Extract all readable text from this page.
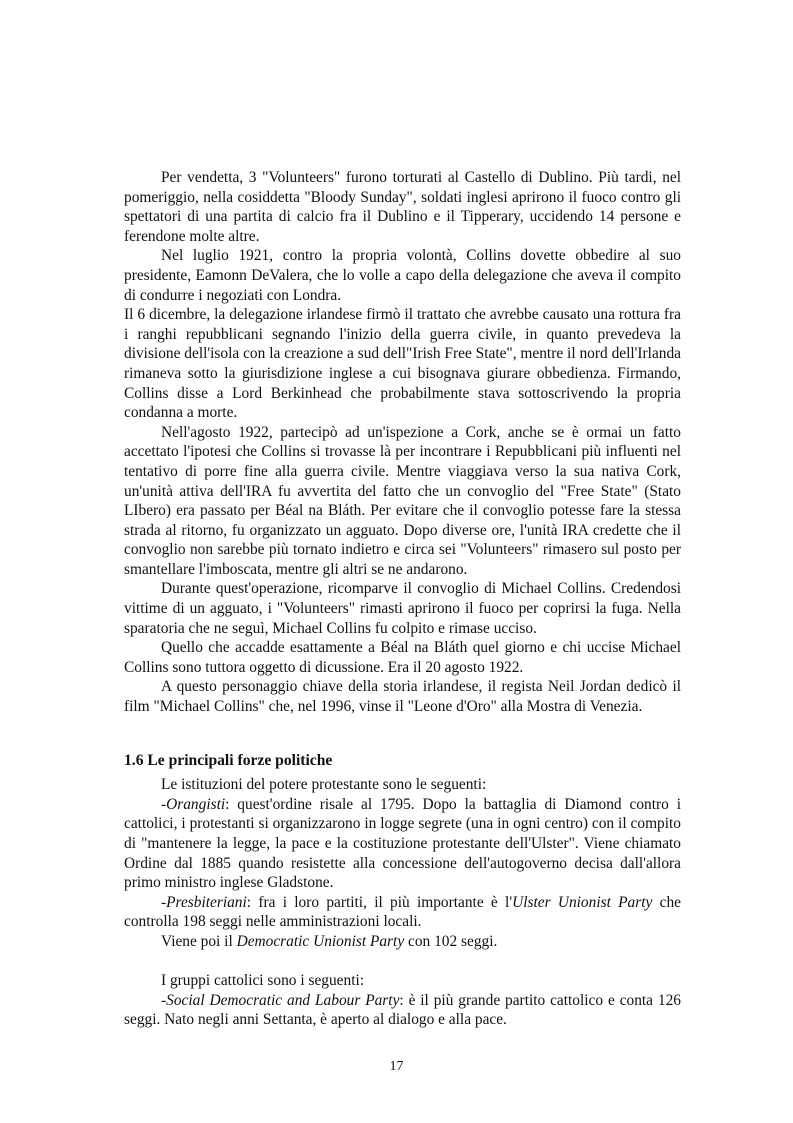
Per vendetta, 3 "Volunteers" furono torturati al Castello di Dublino. Più tardi, nel pomeriggio, nella cosiddetta "Bloody Sunday", soldati inglesi aprirono il fuoco contro gli spettatori di una partita di calcio fra il Dublino e il Tipperary, uccidendo 14 persone e ferendone molte altre.

Nel luglio 1921, contro la propria volontà, Collins dovette obbedire al suo presidente, Eamonn DeValera, che lo volle a capo della delegazione che aveva il compito di condurre i negoziati con Londra.

Il 6 dicembre, la delegazione irlandese firmò il trattato che avrebbe causato una rottura fra i ranghi repubblicani segnando l'inizio della guerra civile, in quanto prevedeva la divisione dell'isola con la creazione a sud dell"Irish Free State", mentre il nord dell'Irlanda rimaneva sotto la giurisdizione inglese a cui bisognava giurare obbedienza. Firmando, Collins disse a Lord Berkinhead che probabilmente stava sottoscrivendo la propria condanna a morte.

Nell'agosto 1922, partecipò ad un'ispezione a Cork, anche se è ormai un fatto accettato l'ipotesi che Collins si trovasse là per incontrare i Repubblicani più influenti nel tentativo di porre fine alla guerra civile. Mentre viaggiava verso la sua nativa Cork, un'unità attiva dell'IRA fu avvertita del fatto che un convoglio del "Free State" (Stato LIbero) era passato per Béal na Bláth. Per evitare che il convoglio potesse fare la stessa strada al ritorno, fu organizzato un agguato. Dopo diverse ore, l'unità IRA credette che il convoglio non sarebbe più tornato indietro e circa sei "Volunteers" rimasero sul posto per smantellare l'imboscata, mentre gli altri se ne andarono.

Durante quest'operazione, ricomparve il convoglio di Michael Collins. Credendosi vittime di un agguato, i "Volunteers" rimasti aprirono il fuoco per coprirsi la fuga. Nella sparatoria che ne seguì, Michael Collins fu colpito e rimase ucciso.

Quello che accadde esattamente a Béal na Bláth quel giorno e chi uccise Michael Collins sono tuttora oggetto di dicussione. Era il 20 agosto 1922.

A questo personaggio chiave della storia irlandese, il regista Neil Jordan dedicò il film "Michael Collins" che, nel 1996, vinse il "Leone d'Oro" alla Mostra di Venezia.

1.6 Le principali forze politiche

Le istituzioni del potere protestante sono le seguenti:

-Orangisti: quest'ordine risale al 1795. Dopo la battaglia di Diamond contro i cattolici, i protestanti si organizzarono in logge segrete (una in ogni centro) con il compito di "mantenere la legge, la pace e la costituzione protestante dell'Ulster". Viene chiamato Ordine dal 1885 quando resistette alla concessione dell'autogoverno decisa dall'allora primo ministro inglese Gladstone.

-Presbiteriani: fra i loro partiti, il più importante è l'Ulster Unionist Party che controlla 198 seggi nelle amministrazioni locali.

Viene poi il Democratic Unionist Party con 102 seggi.

I gruppi cattolici sono i seguenti:

-Social Democratic and Labour Party: è il più grande partito cattolico e conta 126 seggi. Nato negli anni Settanta, è aperto al dialogo e alla pace.

17
